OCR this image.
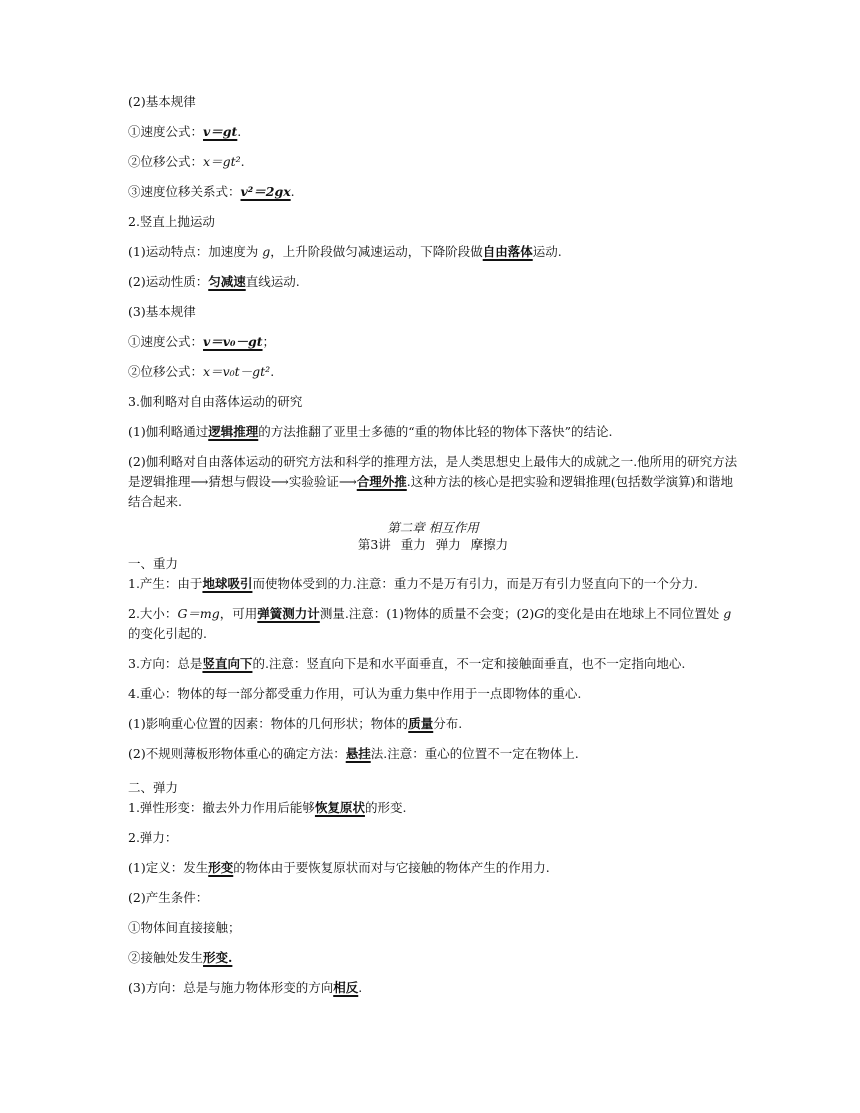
(2)基本规律

①速度公式：v＝gt.

②位移公式：x＝gt².

③速度位移关系式：v²＝2gx.

2.竖直上抛运动

(1)运动特点：加速度为 g，上升阶段做匀减速运动，下降阶段做自由落体运动.

(2)运动性质：匀减速直线运动.

(3)基本规律

①速度公式：v＝v₀－gt；

②位移公式：x＝v₀t－gt².

3.伽利略对自由落体运动的研究

(1)伽利略通过逻辑推理的方法推翻了亚里士多德的“重的物体比轻的物体下落快”的结论.

(2)伽利略对自由落体运动的研究方法和科学的推理方法，是人类思想史上最伟大的成就之一.他所用的研究方法是逻辑推理⟶猜想与假设⟶实验验证⟶合理外推.这种方法的核心是把实验和逻辑推理(包括数学演算)和谐地结合起来.

第二章 相互作用

第3讲 重力 弹力 摩擦力

一、重力

1.产生：由于地球吸引而使物体受到的力.注意：重力不是万有引力，而是万有引力竖直向下的一个分力.

2.大小：G＝mg，可用弹簧测力计测量.注意：(1)物体的质量不会变；(2)G的变化是由在地球上不同位置处 g 的变化引起的.

3.方向：总是竖直向下的.注意：竖直向下是和水平面垂直，不一定和接触面垂直，也不一定指向地心.

4.重心：物体的每一部分都受重力作用，可认为重力集中作用于一点即物体的重心.

(1)影响重心位置的因素：物体的几何形状；物体的质量分布.

(2)不规则薄板形物体重心的确定方法：悬挂法.注意：重心的位置不一定在物体上.

二、弹力

1.弹性形变：撤去外力作用后能够恢复原状的形变.

2.弹力：

(1)定义：发生形变的物体由于要恢复原状而对与它接触的物体产生的作用力.

(2)产生条件：

①物体间直接接触；

②接触处发生形变.

(3)方向：总是与施力物体形变的方向相反.
